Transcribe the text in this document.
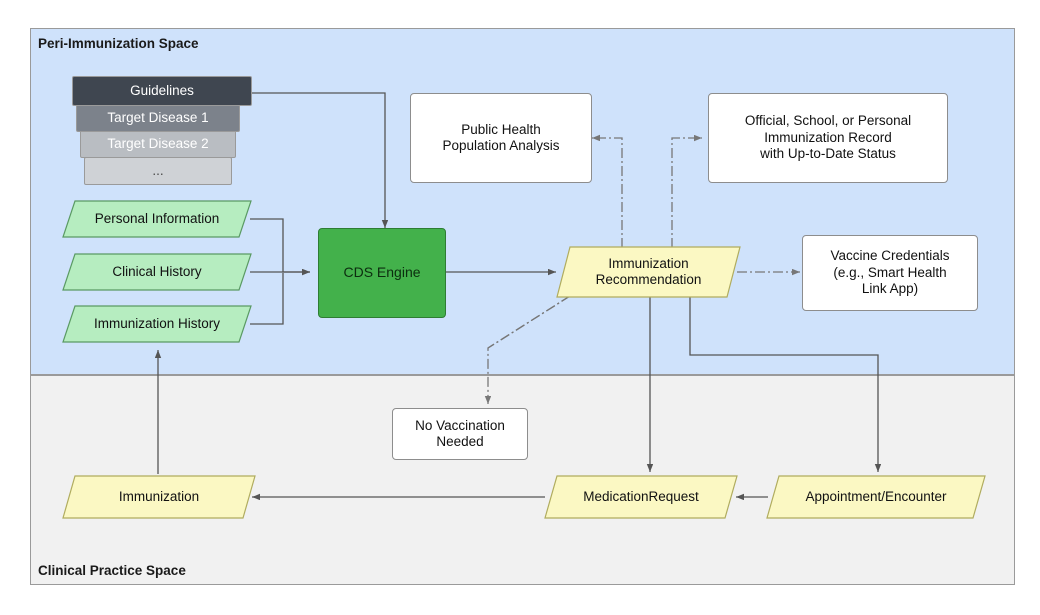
Peri-Immunization Space
Clinical Practice Space
...
Target Disease 2
Target Disease 1
Guidelines
Personal Information
Clinical History
Immunization History
CDS Engine
Public Health
Population Analysis
Official, School, or Personal
Immunization Record
with Up-to-Date Status
Immunization
Recommendation
Vaccine Credentials
(e.g., Smart Health
Link App)
No Vaccination
Needed
Immunization	MedicationRequest	Appointment/Encounter
